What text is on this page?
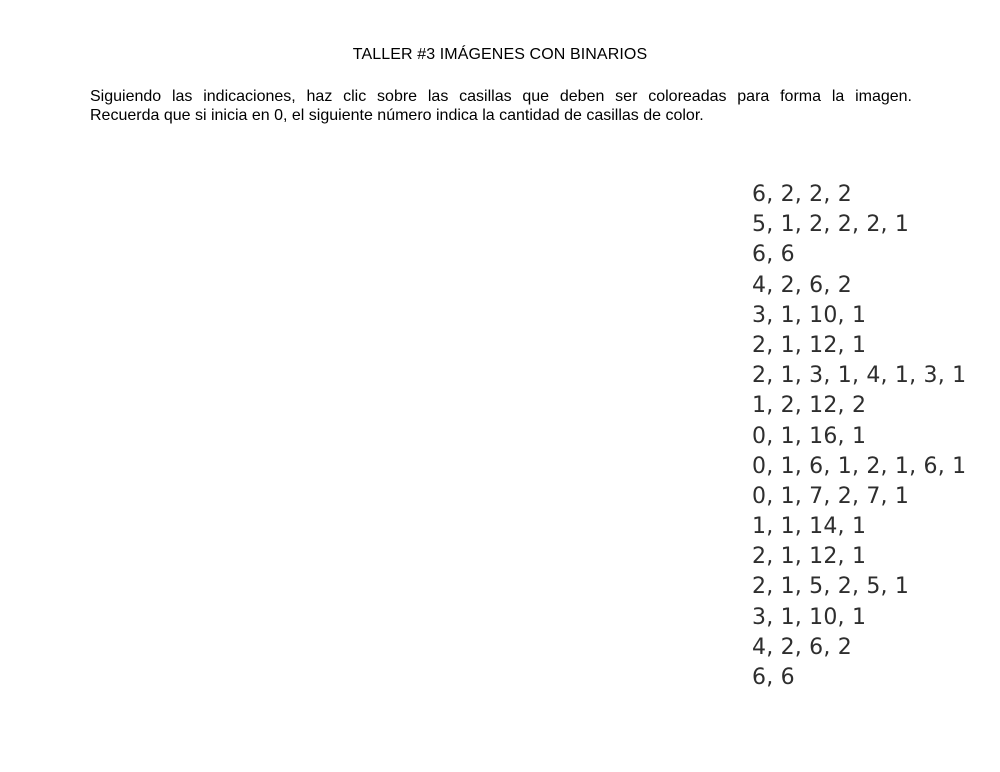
TALLER #3 IMÁGENES CON BINARIOS

Siguiendo las indicaciones, haz clic sobre las casillas que deben ser coloreadas para forma la imagen.

Recuerda que si inicia en 0, el siguiente número indica la cantidad de casillas de color.

6, 2, 2, 2
5, 1, 2, 2, 2, 1
6, 6
4, 2, 6, 2
3, 1, 10, 1
2, 1, 12, 1
2, 1, 3, 1, 4, 1, 3, 1
1, 2, 12, 2
0, 1, 16, 1
0, 1, 6, 1, 2, 1, 6, 1
0, 1, 7, 2, 7, 1
1, 1, 14, 1
2, 1, 12, 1
2, 1, 5, 2, 5, 1
3, 1, 10, 1
4, 2, 6, 2
6, 6
